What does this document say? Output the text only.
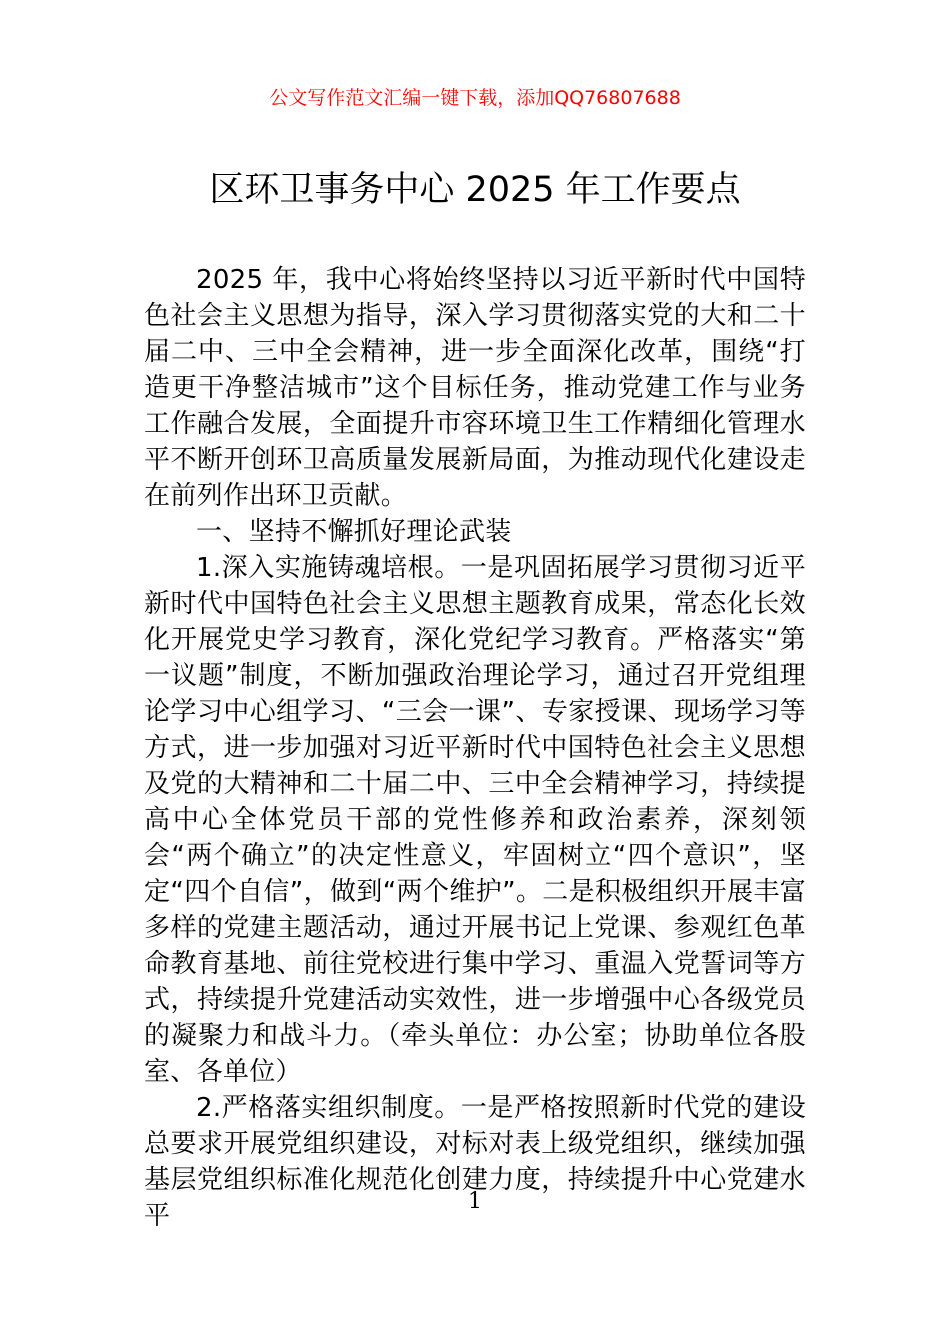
公文写作范文汇编一键下载，添加QQ76807688
区环卫事务中心 2025 年工作要点

2025 年，我中心将始终坚持以习近平新时代中国特色社会主义思想为指导，深入学习贯彻落实党的大和二十届二中、三中全会精神，进一步全面深化改革，围绕“打造更干净整洁城市”这个目标任务，推动党建工作与业务工作融合发展，全面提升市容环境卫生工作精细化管理水平不断开创环卫高质量发展新局面，为推动现代化建设走在前列作出环卫贡献。

一、坚持不懈抓好理论武装

1.深入实施铸魂培根。一是巩固拓展学习贯彻习近平新时代中国特色社会主义思想主题教育成果，常态化长效化开展党史学习教育，深化党纪学习教育。严格落实“第一议题”制度，不断加强政治理论学习，通过召开党组理论学习中心组学习、“三会一课”、专家授课、现场学习等方式，进一步加强对习近平新时代中国特色社会主义思想及党的大精神和二十届二中、三中全会精神学习，持续提高中心全体党员干部的党性修养和政治素养，深刻领会“两个确立”的决定性意义，牢固树立“四个意识”，坚定“四个自信”，做到“两个维护”。二是积极组织开展丰富多样的党建主题活动，通过开展书记上党课、参观红色革命教育基地、前往党校进行集中学习、重温入党誓词等方式，持续提升党建活动实效性，进一步增强中心各级党员的凝聚力和战斗力。（牵头单位：办公室；协助单位各股室、各单位）

2.严格落实组织制度。一是严格按照新时代党的建设总要求开展党组织建设，对标对表上级党组织，继续加强基层党组织标准化规范化创建力度，持续提升中心党建水平	1
